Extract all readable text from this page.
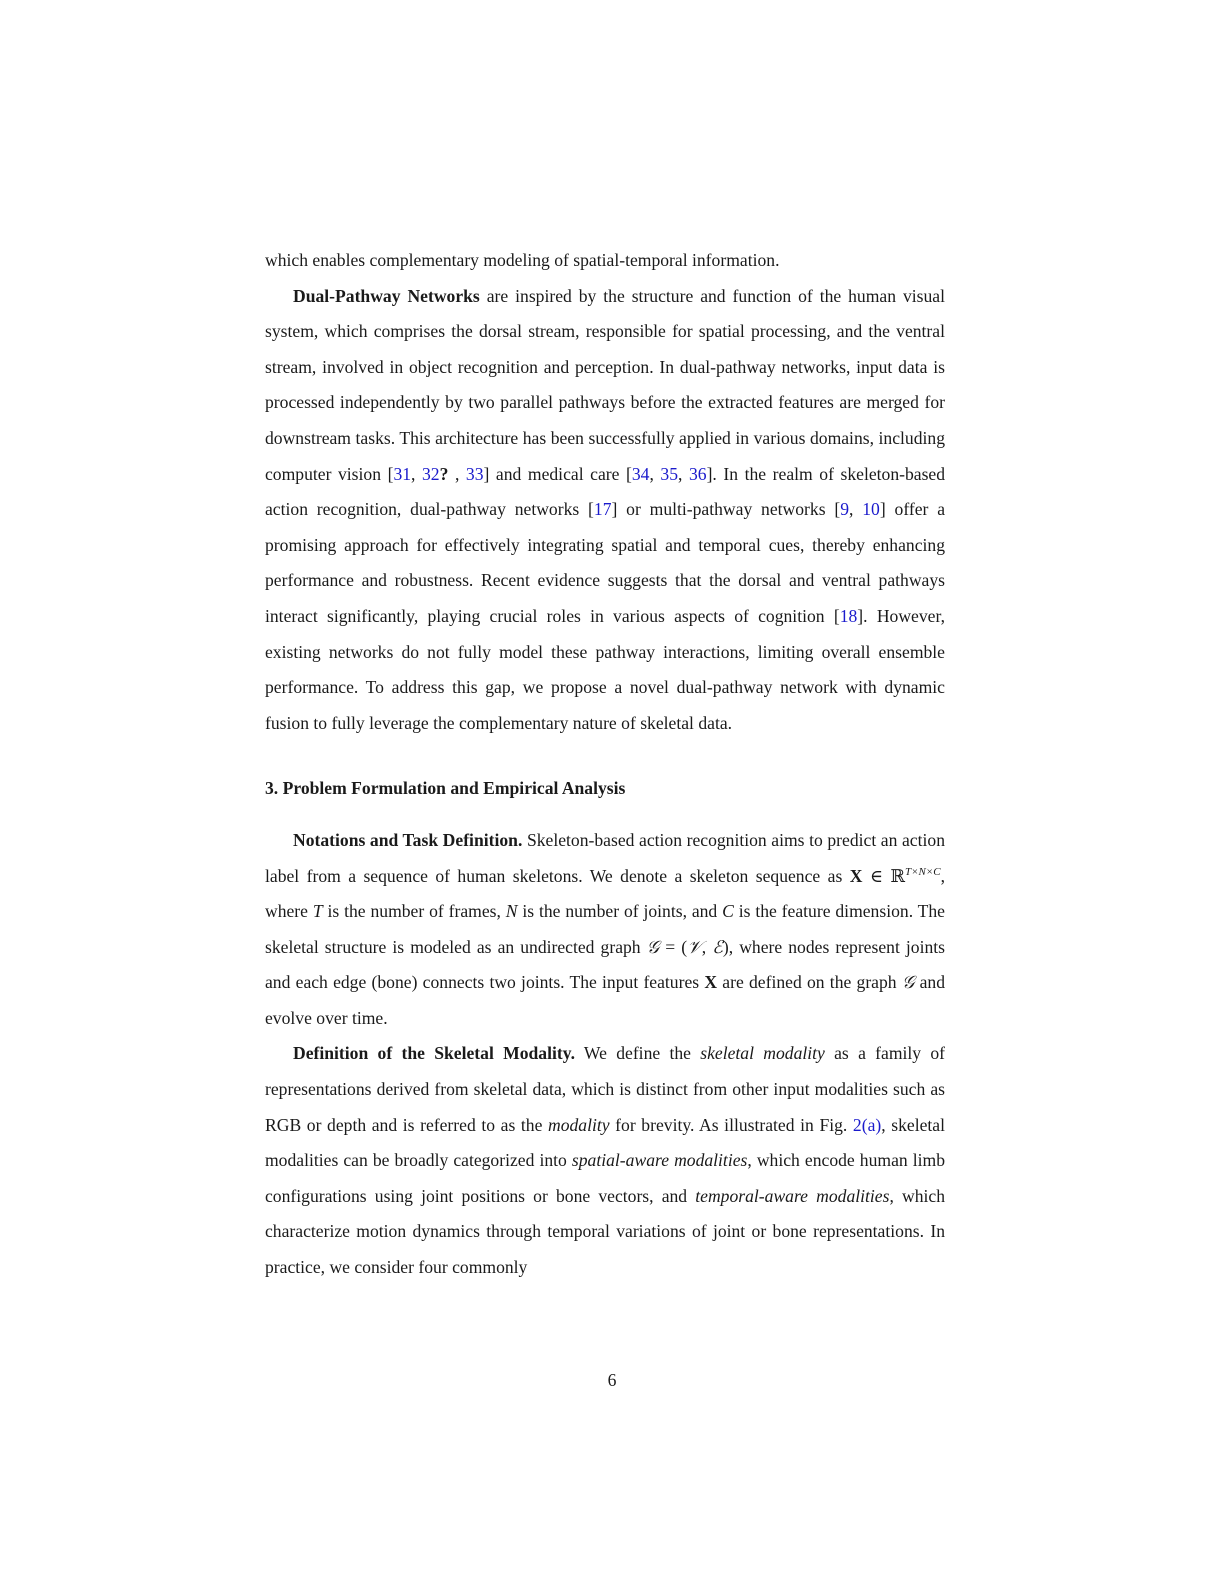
which enables complementary modeling of spatial-temporal information.

Dual-Pathway Networks are inspired by the structure and function of the human visual system, which comprises the dorsal stream, responsible for spatial processing, and the ventral stream, involved in object recognition and perception. In dual-pathway networks, input data is processed independently by two parallel pathways before the extracted features are merged for downstream tasks. This architecture has been successfully applied in various domains, including computer vision [31, 32? , 33] and medical care [34, 35, 36]. In the realm of skeleton-based action recognition, dual-pathway networks [17] or multi-pathway networks [9, 10] offer a promising approach for effectively integrating spatial and temporal cues, thereby enhancing performance and robustness. Recent evidence suggests that the dorsal and ventral pathways interact significantly, playing crucial roles in various aspects of cognition [18]. However, existing networks do not fully model these pathway interactions, limiting overall ensemble performance. To address this gap, we propose a novel dual-pathway network with dynamic fusion to fully leverage the complementary nature of skeletal data.

3. Problem Formulation and Empirical Analysis

Notations and Task Definition. Skeleton-based action recognition aims to predict an action label from a sequence of human skeletons. We denote a skeleton sequence as X ∈ ℝ$^{T\times N\times C}$, where T is the number of frames, N is the number of joints, and C is the feature dimension. The skeletal structure is modeled as an undirected graph 𝒢 = (𝒱, ℰ), where nodes represent joints and each edge (bone) connects two joints. The input features X are defined on the graph 𝒢 and evolve over time.

Definition of the Skeletal Modality. We define the skeletal modality as a family of representations derived from skeletal data, which is distinct from other input modalities such as RGB or depth and is referred to as the modality for brevity. As illustrated in Fig. 2(a), skeletal modalities can be broadly categorized into spatial-aware modalities, which encode human limb configurations using joint positions or bone vectors, and temporal-aware modalities, which characterize motion dynamics through temporal variations of joint or bone representations. In practice, we consider four commonly

6
